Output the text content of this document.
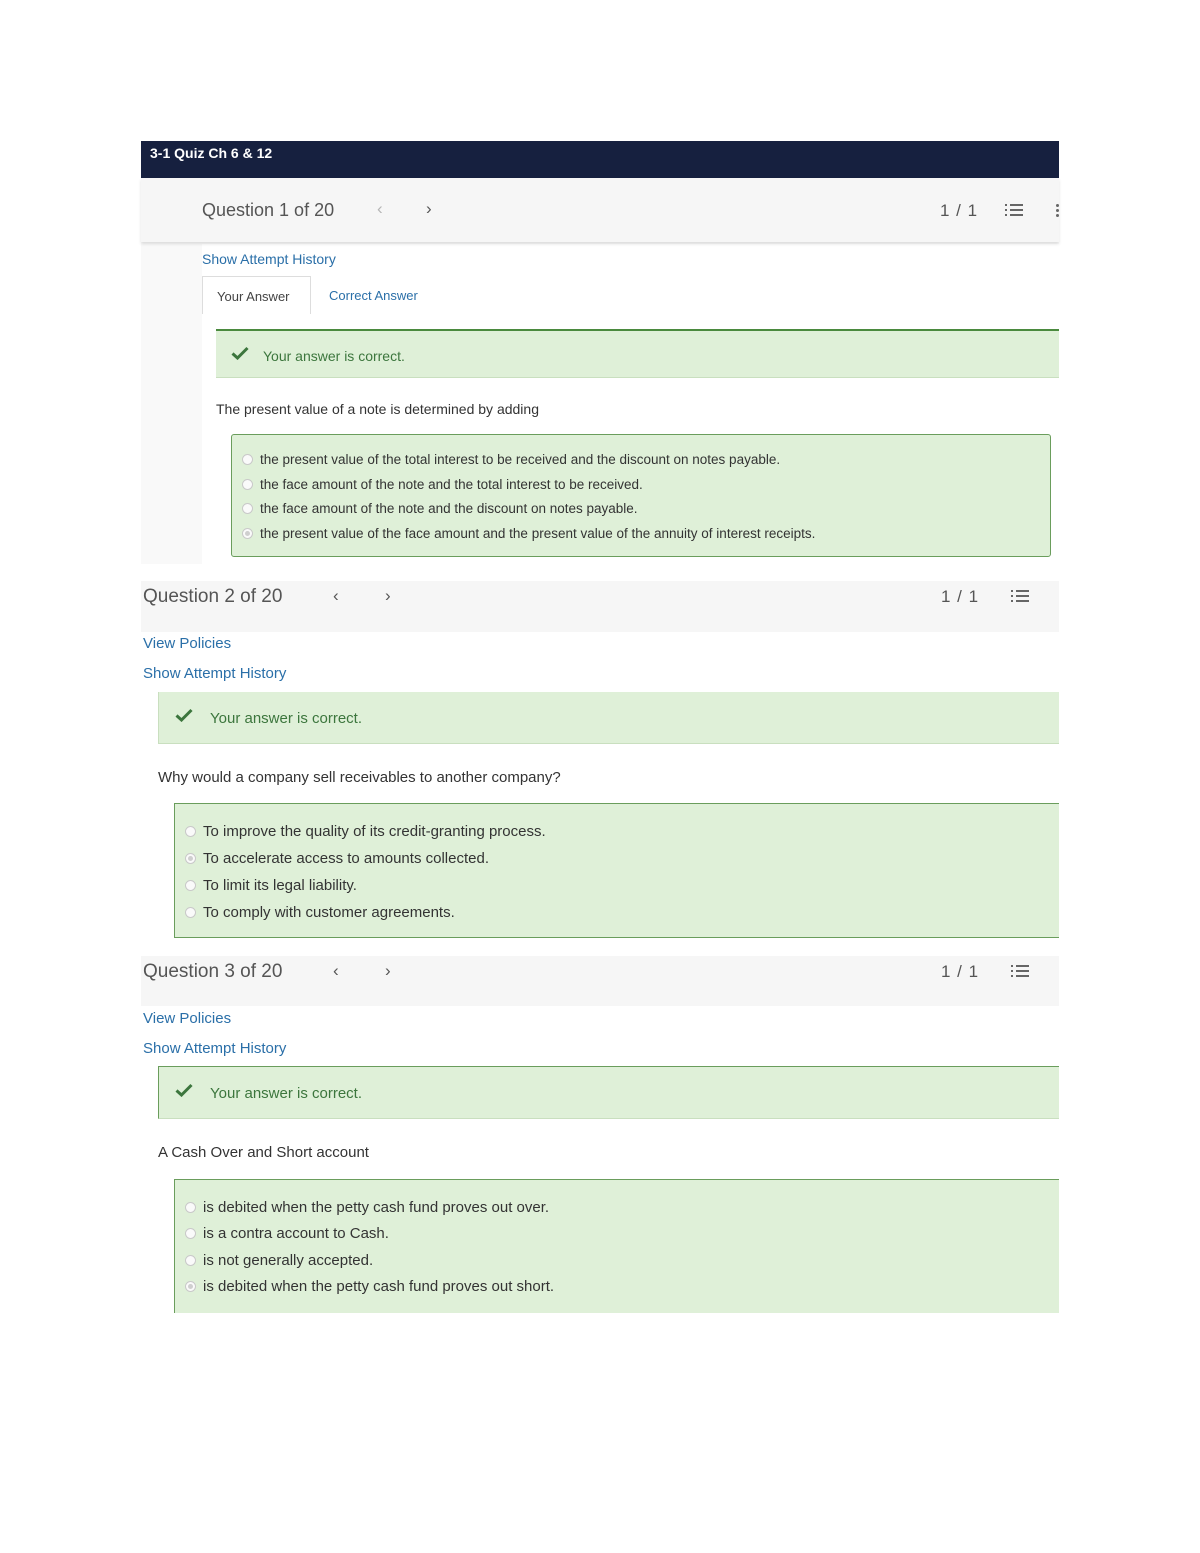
3-1 Quiz Ch 6 & 12
Question 1 of 20	‹	›	1 / 1
Show Attempt History
Your Answer	Correct Answer
Your answer is correct.
The present value of a note is determined by adding
the present value of the total interest to be received and the discount on notes payable.
the face amount of the note and the total interest to be received.
the face amount of the note and the discount on notes payable.
the present value of the face amount and the present value of the annuity of interest receipts.
Question 2 of 20	‹	›	1 / 1
View Policies
Show Attempt History
Your answer is correct.
Why would a company sell receivables to another company?
To improve the quality of its credit-granting process.
To accelerate access to amounts collected.
To limit its legal liability.
To comply with customer agreements.
Question 3 of 20	‹	›	1 / 1
View Policies
Show Attempt History
Your answer is correct.
A Cash Over and Short account
is debited when the petty cash fund proves out over.
is a contra account to Cash.
is not generally accepted.
is debited when the petty cash fund proves out short.
